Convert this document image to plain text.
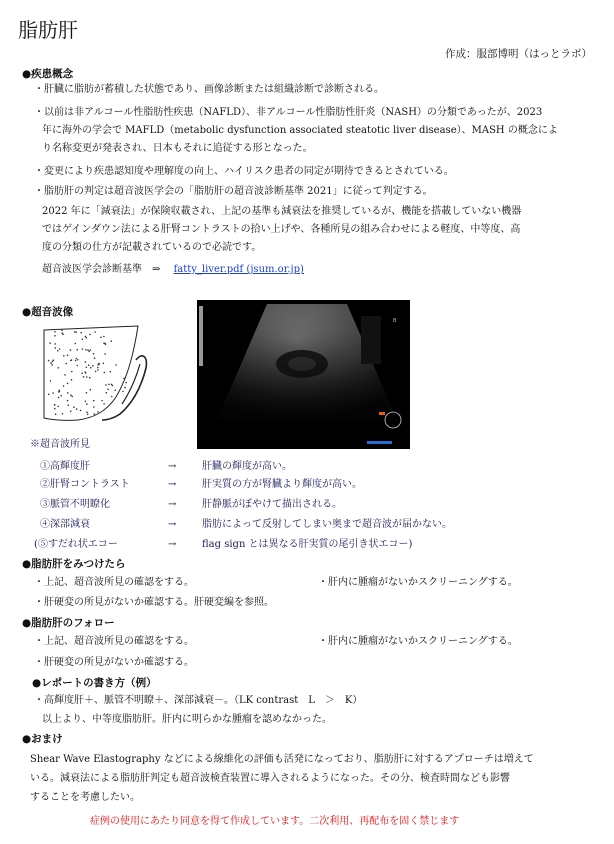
脂肪肝
作成：服部博明（はっとラボ）
●疾患概念
・肝臓に脂肪が蓄積した状態であり、画像診断または組織診断で診断される。
・以前は非アルコール性脂肪性疾患（NAFLD）、非アルコール性脂肪性肝炎（NASH）の分類であったが、2023
年に海外の学会で MAFLD（metabolic dysfunction associated steatotic liver disease）、MASH の概念によ
り名称変更が発表され、日本もそれに追従する形となった。
・変更により疾患認知度や理解度の向上、ハイリスク患者の同定が期待できるとされている。
・脂肪肝の判定は超音波医学会の「脂肪肝の超音波診断基準 2021」に従って判定する。
2022 年に「減衰法」が保険収載され、上記の基準も減衰法を推奨しているが、機能を搭載していない機器
ではゲインダウン法による肝腎コントラストの拾い上げや、各種所見の組み合わせによる軽度、中等度、高
度の分類の仕方が記載されているので必読です。
超音波医学会診断基準　⇒ fatty_liver.pdf (jsum.or.jp)
●超音波像
B
※超音波所見
①高輝度肝	→	肝臓の輝度が高い。
②肝腎コントラスト	→	肝実質の方が腎臓より輝度が高い。
③脈管不明瞭化	→	肝静脈がぼやけて描出される。
④深部減衰	→	脂肪によって反射してしまい奥まで超音波が届かない。
(⑤すだれ状エコー	→	flag sign とは異なる肝実質の尾引き状エコー)
●脂肪肝をみつけたら
・上記、超音波所見の確認をする。	・肝内に腫瘤がないかスクリーニングする。
・肝硬変の所見がないか確認する。肝硬変編を参照。
●脂肪肝のフォロー
・上記、超音波所見の確認をする。	・肝内に腫瘤がないかスクリーニングする。
・肝硬変の所見がないか確認する。
●レポートの書き方（例）
・高輝度肝＋、脈管不明瞭＋、深部減衰－。（LK contrast　L　＞　K）
以上より、中等度脂肪肝。肝内に明らかな腫瘤を認めなかった。
●おまけ
Shear Wave Elastography などによる線維化の評価も活発になっており、脂肪肝に対するアプローチは増えて
いる。減衰法による脂肪肝判定も超音波検査装置に導入されるようになった。その分、検査時間なども影響
することを考慮したい。
症例の使用にあたり同意を得て作成しています。二次利用、再配布を固く禁じます
